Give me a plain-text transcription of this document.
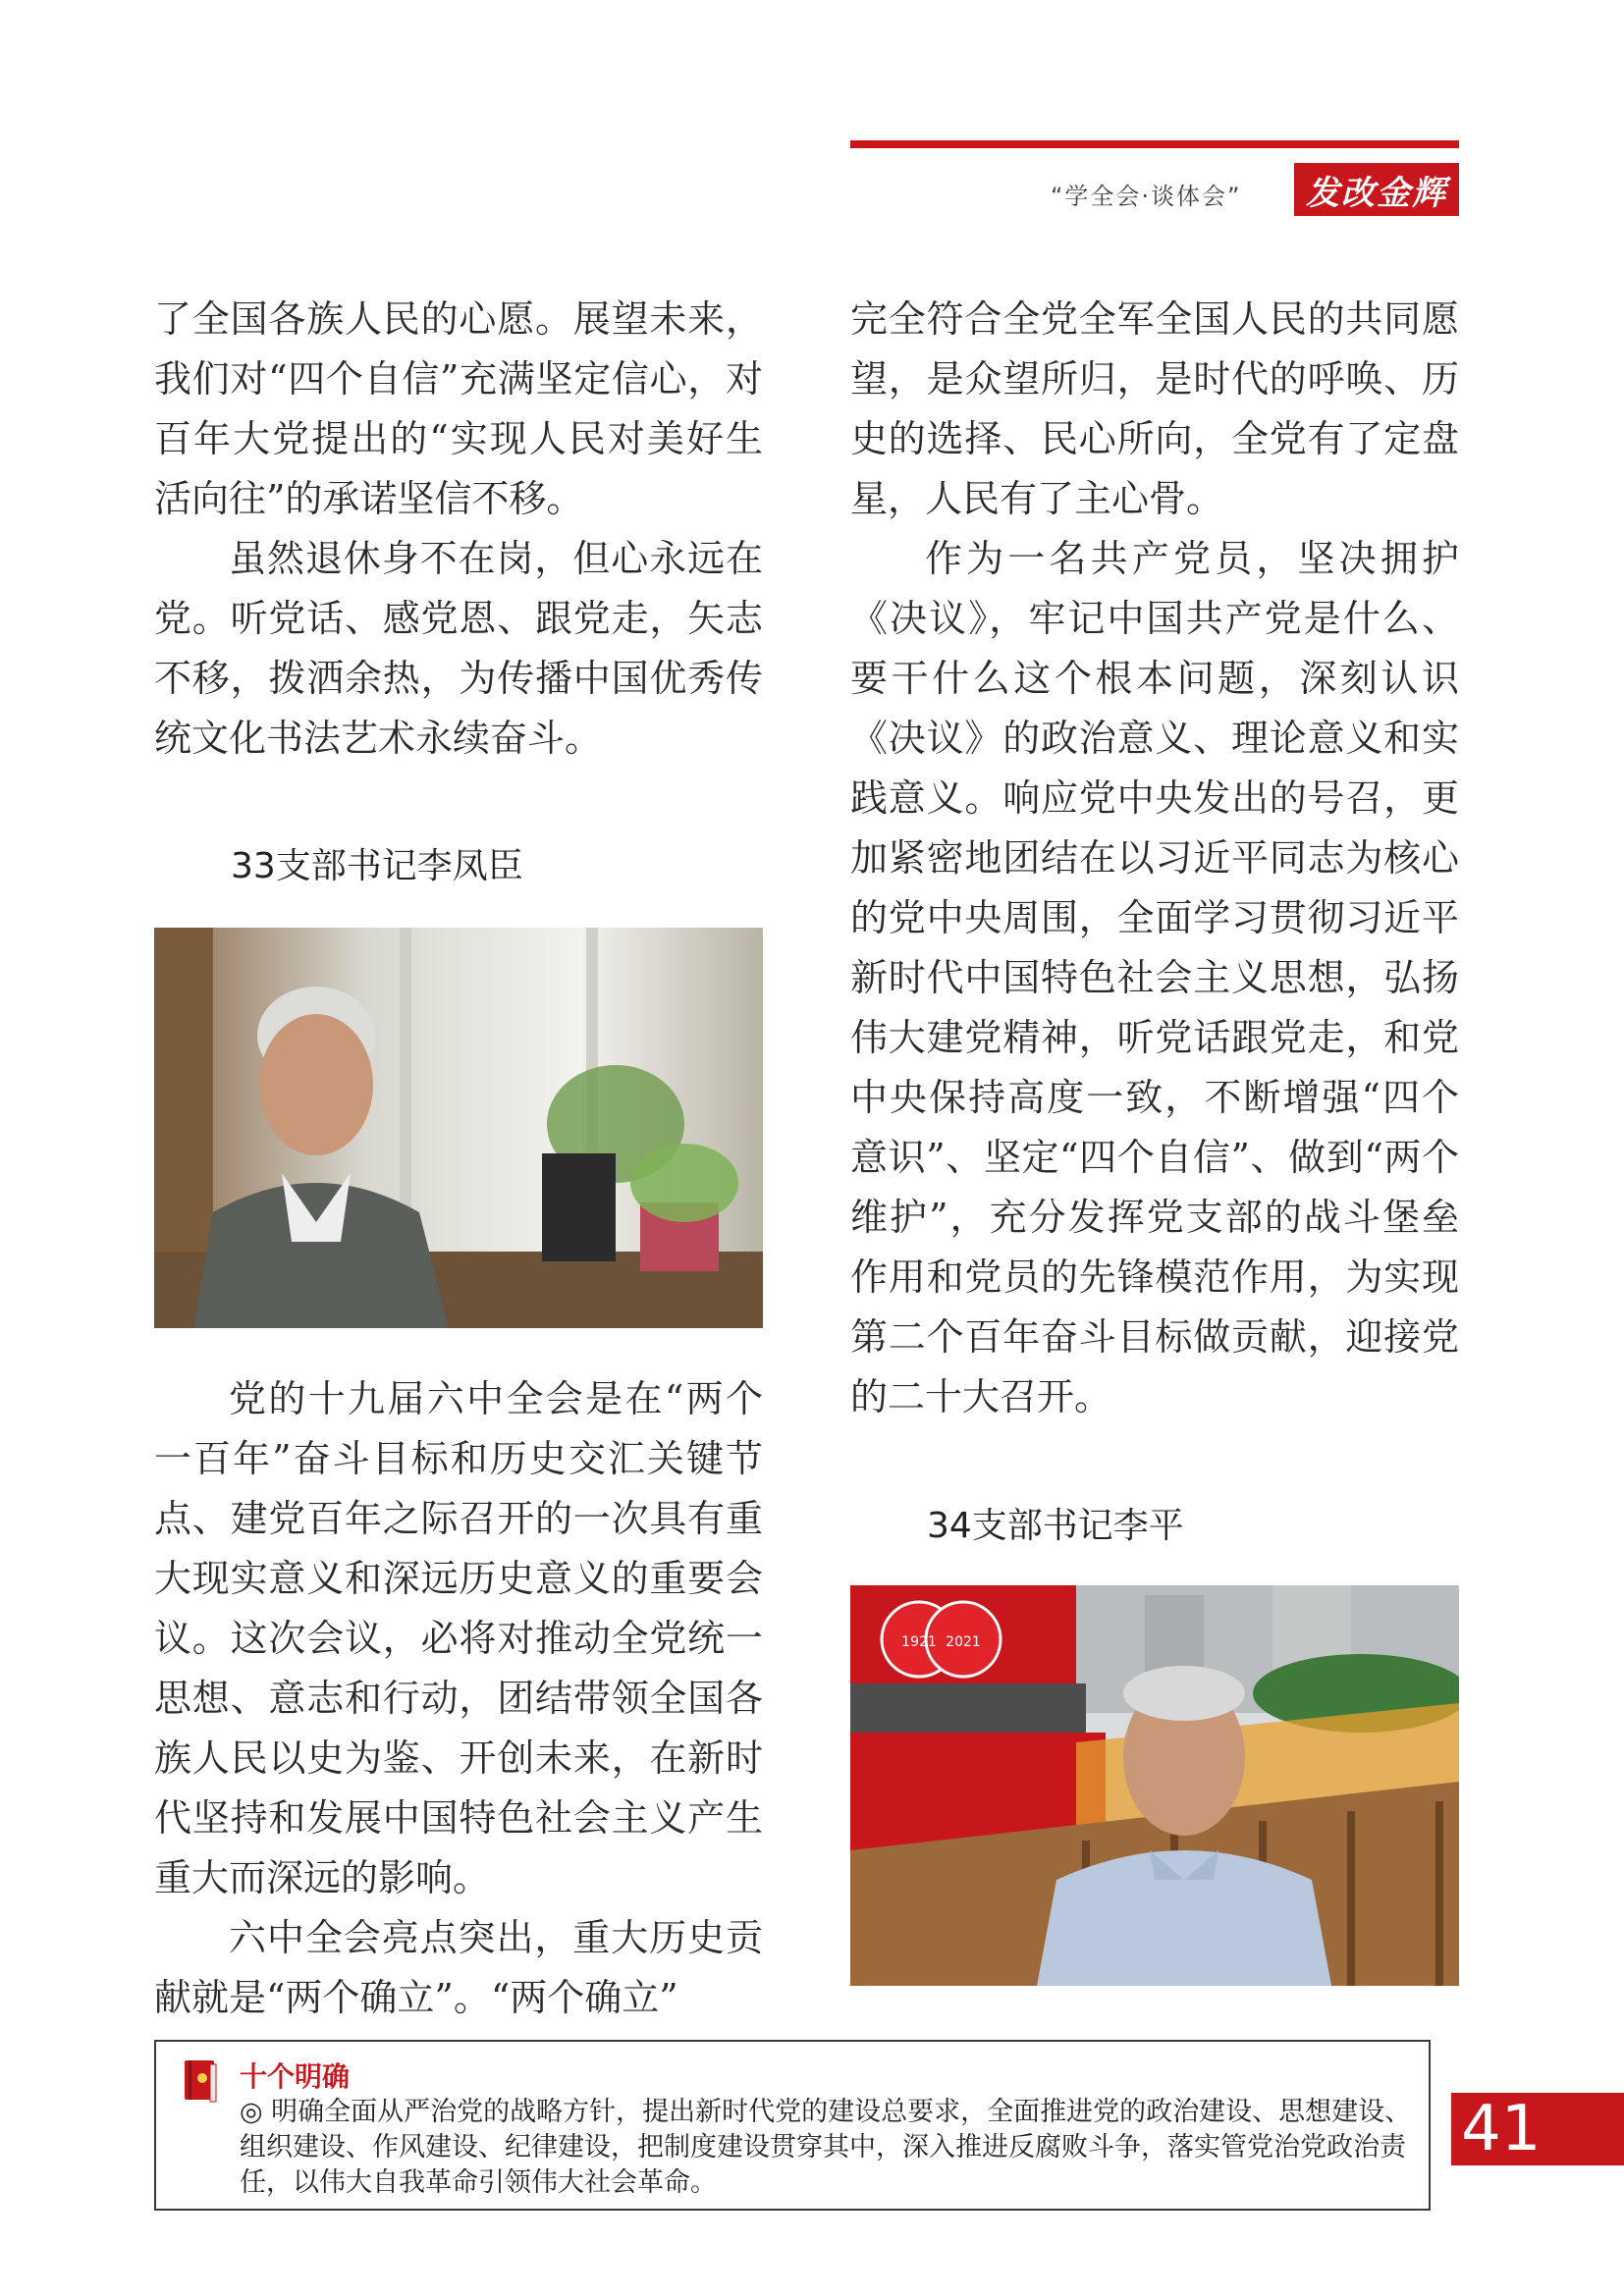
“学全会·谈体会”	发改金辉

了全国各族人民的心愿。展望未来，我们对“四个自信”充满坚定信心，对百年大党提出的“实现人民对美好生活向往”的承诺坚信不移。

虽然退休身不在岗，但心永远在党。听党话、感党恩、跟党走，矢志不移，拨洒余热，为传播中国优秀传统文化书法艺术永续奋斗。

33支部书记李凤臣

党的十九届六中全会是在“两个一百年”奋斗目标和历史交汇关键节点、建党百年之际召开的一次具有重大现实意义和深远历史意义的重要会议。这次会议，必将对推动全党统一思想、意志和行动，团结带领全国各族人民以史为鉴、开创未来，在新时代坚持和发展中国特色社会主义产生重大而深远的影响。

六中全会亮点突出，重大历史贡献就是“两个确立”。“两个确立”

完全符合全党全军全国人民的共同愿望，是众望所归，是时代的呼唤、历史的选择、民心所向，全党有了定盘星，人民有了主心骨。

作为一名共产党员，坚决拥护《决议》，牢记中国共产党是什么、要干什么这个根本问题，深刻认识《决议》的政治意义、理论意义和实践意义。响应党中央发出的号召，更加紧密地团结在以习近平同志为核心的党中央周围，全面学习贯彻习近平新时代中国特色社会主义思想，弘扬伟大建党精神，听党话跟党走，和党中央保持高度一致，不断增强“四个意识”、坚定“四个自信”、做到“两个维护”，充分发挥党支部的战斗堡垒作用和党员的先锋模范作用，为实现第二个百年奋斗目标做贡献，迎接党的二十大召开。

34支部书记李平
1921 2021
十个明确
◎ 明确全面从严治党的战略方针，提出新时代党的建设总要求，全面推进党的政治建设、思想建设、组织建设、作风建设、纪律建设，把制度建设贯穿其中，深入推进反腐败斗争，落实管党治党政治责任，以伟大自我革命引领伟大社会革命。
41
